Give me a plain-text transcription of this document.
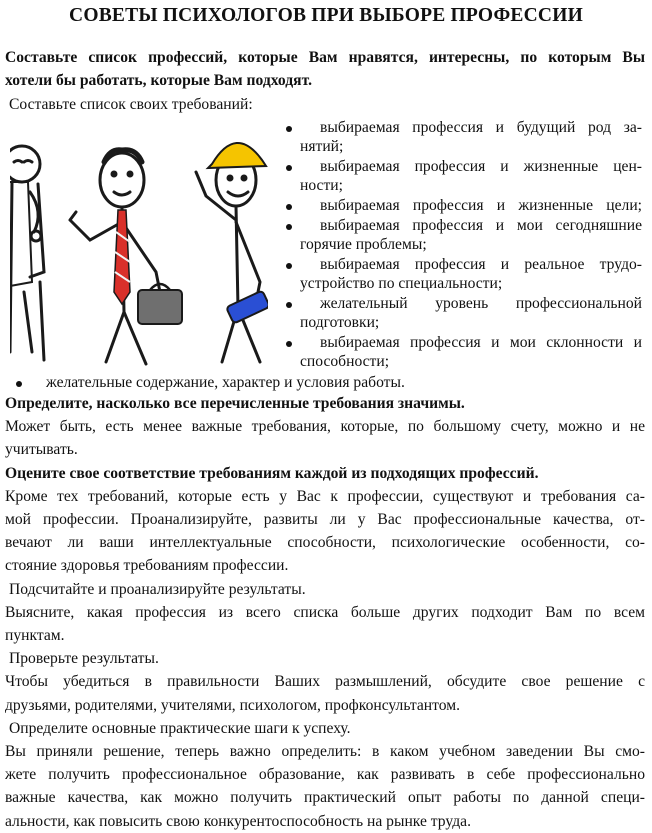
СОВЕТЫ ПСИХОЛОГОВ ПРИ ВЫБОРЕ ПРОФЕССИИ
Составьте список профессий, которые Вам нравятся, интересны, по которым Вы
хотели бы работать, которые Вам подходят.
Составьте список своих требований:
выбираемая профессия и будущий род за-
нятий;
выбираемая профессия и жизненные цен-
ности;
выбираемая профессия и жизненные цели;
выбираемая профессия и мои сегодняшние
горячие проблемы;
выбираемая профессия и реальное трудо-
устройство по специальности;
желательный уровень профессиональной
подготовки;
выбираемая профессия и мои склонности и
способности;
желательные содержание, характер и условия работы.
Определите, насколько все перечисленные требования значимы.
Может быть, есть менее важные требования, которые, по большому счету, можно и не
учитывать.
Оцените свое соответствие требованиям каждой из подходящих профессий.
Кроме тех требований, которые есть у Вас к профессии, существуют и требования са-
мой профессии. Проанализируйте, развиты ли у Вас профессиональные качества, от-
вечают ли ваши интеллектуальные способности, психологические особенности, со-
стояние здоровья требованиям профессии.
Подсчитайте и проанализируйте результаты.
Выясните, какая профессия из всего списка больше других подходит Вам по всем
пунктам.
Проверьте результаты.
Чтобы убедиться в правильности Ваших размышлений, обсудите свое решение с
друзьями, родителями, учителями, психологом, профконсультантом.
Определите основные практические шаги к успеху.
Вы приняли решение, теперь важно определить: в каком учебном заведении Вы смо-
жете получить профессиональное образование, как развивать в себе профессионально
важные качества, как можно получить практический опыт работы по данной специ-
альности, как повысить свою конкурентоспособность на рынке труда.
